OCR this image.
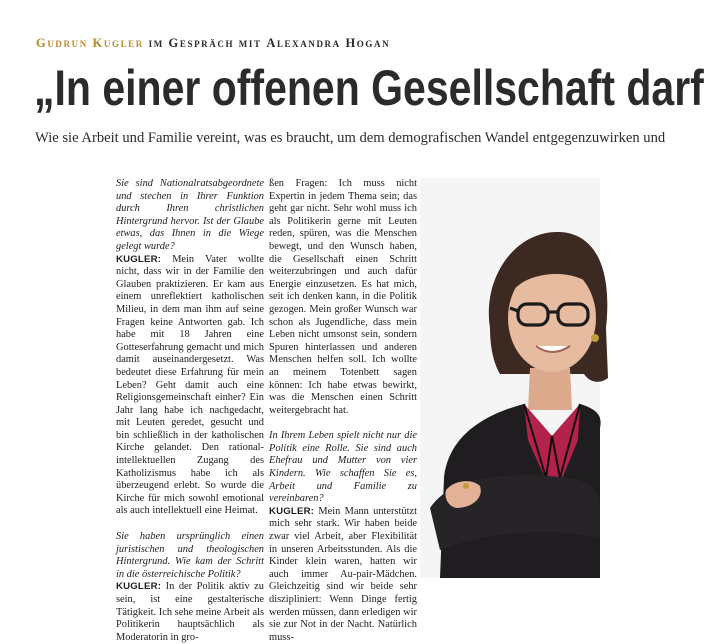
Gudrun Kugler im Gespräch mit Alexandra Hogan
„In einer offenen Gesellschaft darf
Wie sie Arbeit und Familie vereint, was es braucht, um dem demografischen Wandel entgegenzuwirken und

Sie sind Nationalratsabgeordnete und stechen in Ihrer Funktion durch Ihren christlichen Hintergrund hervor. Ist der Glaube etwas, das Ihnen in die Wiege gelegt wurde?

KUGLER: Mein Vater wollte nicht, dass wir in der Familie den Glauben praktizieren. Er kam aus einem unreflektiert katholischen Milieu, in dem man ihm auf seine Fragen keine Antworten gab. Ich habe mit 18 Jahren eine Gotteserfahrung gemacht und mich damit auseinandergesetzt. Was bedeutet diese Erfahrung für mein Leben? Geht damit auch eine Religionsgemeinschaft einher? Ein Jahr lang habe ich nachgedacht, mit Leuten geredet, gesucht und bin schließlich in der katholischen Kirche gelandet. Den rational-intellektuellen Zugang des Katholizismus habe ich als überzeugend erlebt. So wurde die Kirche für mich sowohl emotional als auch intellektuell eine Heimat.

Sie haben ursprünglich einen juristischen und theologischen Hintergrund. Wie kam der Schritt in die österreichische Politik?

KUGLER: In der Politik aktiv zu sein, ist eine gestalterische Tätigkeit. Ich sehe meine Arbeit als Politikerin hauptsächlich als Moderatorin in gro-

ßen Fragen: Ich muss nicht Expertin in jedem Thema sein; das geht gar nicht. Sehr wohl muss ich als Politikerin gerne mit Leuten reden, spüren, was die Menschen bewegt, und den Wunsch haben, die Gesellschaft einen Schritt weiterzubringen und auch dafür Energie einzusetzen. Es hat mich, seit ich denken kann, in die Politik gezogen. Mein großer Wunsch war schon als Jugendliche, dass mein Leben nicht umsonst sein, sondern Spuren hinterlassen und anderen Menschen helfen soll. Ich wollte an meinem Totenbett sagen können: Ich habe etwas bewirkt, was die Menschen einen Schritt weitergebracht hat.

In Ihrem Leben spielt nicht nur die Politik eine Rolle. Sie sind auch Ehefrau und Mutter von vier Kindern. Wie schaffen Sie es, Arbeit und Familie zu vereinbaren?

KUGLER: Mein Mann unterstützt mich sehr stark. Wir haben beide zwar viel Arbeit, aber Flexibilität in unseren Arbeitsstunden. Als die Kinder klein waren, hatten wir auch immer Au-pair-Mädchen. Gleichzeitig sind wir beide sehr diszipliniert: Wenn Dinge fertig werden müssen, dann erledigen wir sie zur Not in der Nacht. Natürlich muss-
